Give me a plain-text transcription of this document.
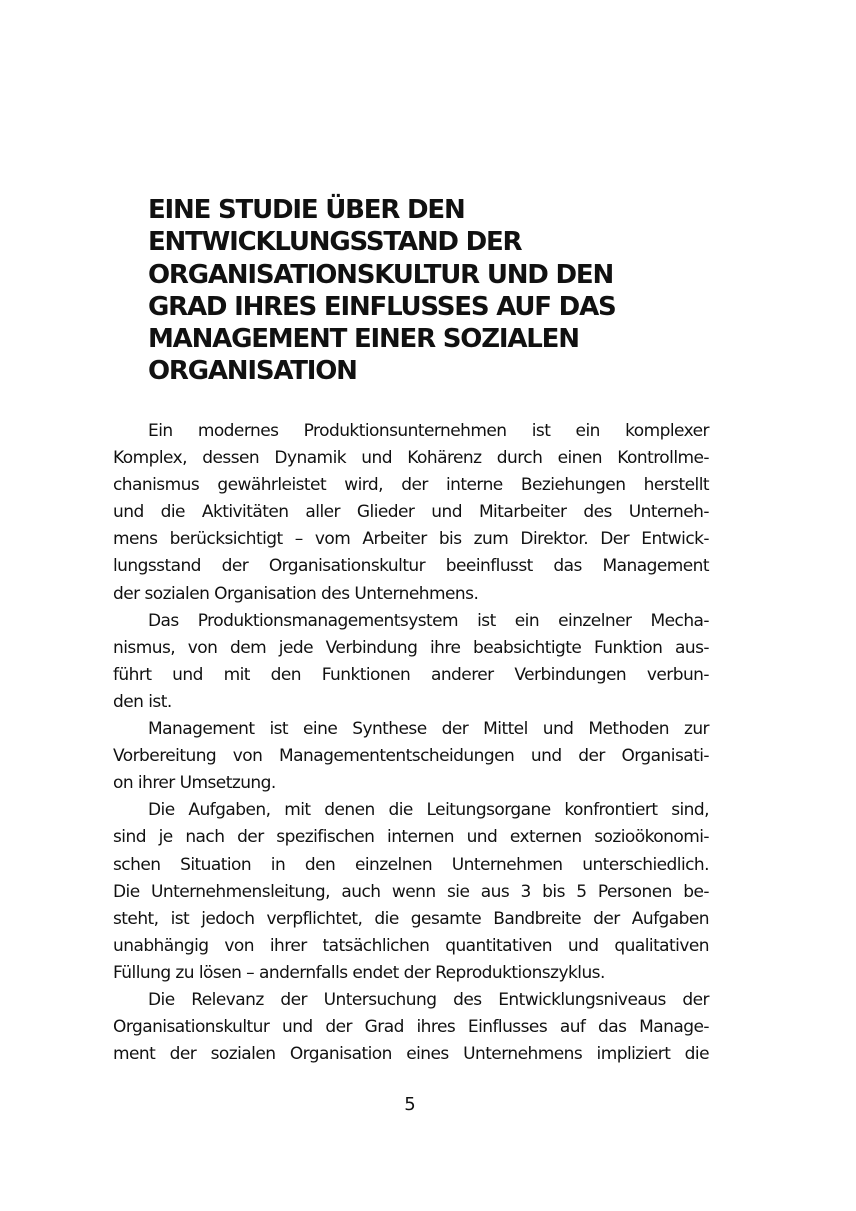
EINE STUDIE ÜBER DEN
ENTWICKLUNGSSTAND DER
ORGANISATIONSKULTUR UND DEN
GRAD IHRES EINFLUSSES AUF DAS
MANAGEMENT EINER SOZIALEN
ORGANISATION

Ein modernes Produktionsunternehmen ist ein komplexer
Komplex, dessen Dynamik und Kohärenz durch einen Kontrollme-
chanismus gewährleistet wird, der interne Beziehungen herstellt
und die Aktivitäten aller Glieder und Mitarbeiter des Unterneh-
mens berücksichtigt – vom Arbeiter bis zum Direktor. Der Entwick-
lungsstand der Organisationskultur beeinflusst das Management
der sozialen Organisation des Unternehmens.

Das Produktionsmanagementsystem ist ein einzelner Mecha-
nismus, von dem jede Verbindung ihre beabsichtigte Funktion aus-
führt und mit den Funktionen anderer Verbindungen verbun-
den ist.

Management ist eine Synthese der Mittel und Methoden zur
Vorbereitung von Managemententscheidungen und der Organisati-
on ihrer Umsetzung.

Die Aufgaben, mit denen die Leitungsorgane konfrontiert sind,
sind je nach der spezifischen internen und externen sozioökonomi-
schen Situation in den einzelnen Unternehmen unterschiedlich.
Die Unternehmensleitung, auch wenn sie aus 3 bis 5 Personen be-
steht, ist jedoch verpflichtet, die gesamte Bandbreite der Aufgaben
unabhängig von ihrer tatsächlichen quantitativen und qualitativen
Füllung zu lösen – andernfalls endet der Reproduktionszyklus.

Die Relevanz der Untersuchung des Entwicklungsniveaus der
Organisationskultur und der Grad ihres Einflusses auf das Manage-
ment der sozialen Organisation eines Unternehmens impliziert die

5
